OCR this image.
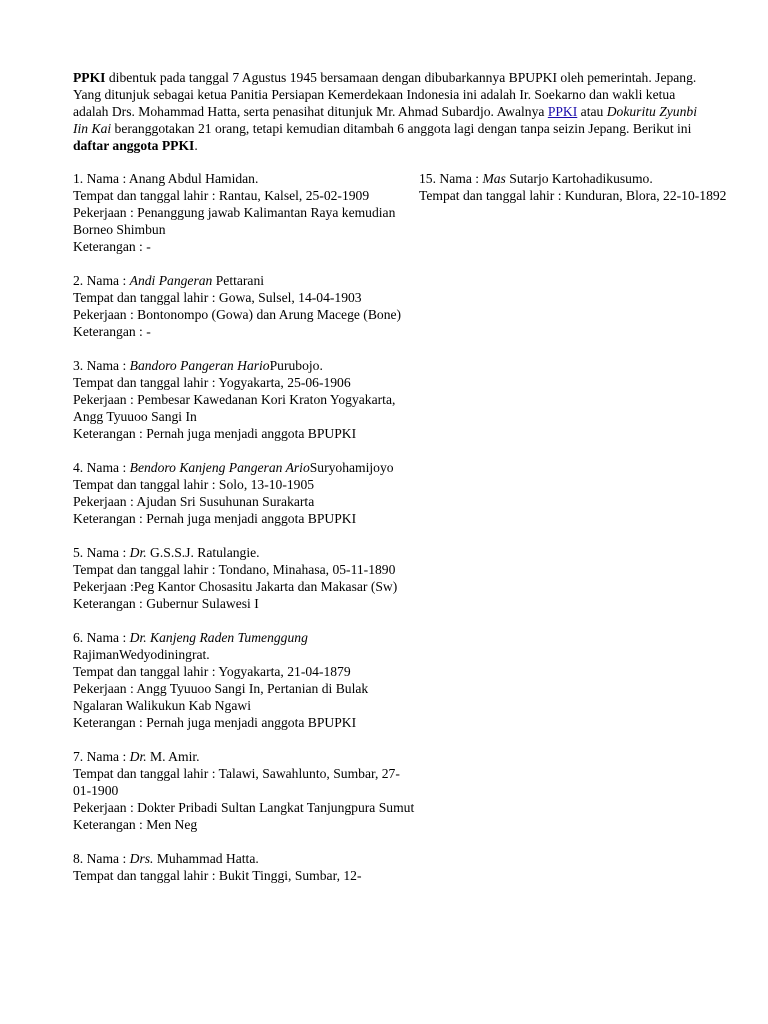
PPKI dibentuk pada tanggal 7 Agustus 1945 bersamaan dengan dibubarkannya BPUPKI oleh pemerintah. Jepang. Yang ditunjuk sebagai ketua Panitia Persiapan Kemerdekaan Indonesia ini adalah Ir. Soekarno dan wakli ketua adalah Drs. Mohammad Hatta, serta penasihat ditunjuk Mr. Ahmad Subardjo. Awalnya PPKI atau Dokuritu Zyunbi Iin Kai beranggotakan 21 orang, tetapi kemudian ditambah 6 anggota lagi dengan tanpa seizin Jepang. Berikut ini daftar anggota PPKI.

1. Nama : Anang Abdul Hamidan.
Tempat dan tanggal lahir : Rantau, Kalsel, 25-02-1909
Pekerjaan : Penanggung jawab Kalimantan Raya kemudian Borneo Shimbun
Keterangan : -
2. Nama : Andi Pangeran Pettarani
Tempat dan tanggal lahir : Gowa, Sulsel, 14-04-1903
Pekerjaan : Bontonompo (Gowa) dan Arung Macege (Bone)
Keterangan : -
3. Nama : Bandoro Pangeran HarioPurubojo.
Tempat dan tanggal lahir : Yogyakarta, 25-06-1906
Pekerjaan : Pembesar Kawedanan Kori Kraton Yogyakarta, Angg Tyuuoo Sangi In
Keterangan : Pernah juga menjadi anggota BPUPKI
4. Nama : Bendoro Kanjeng Pangeran ArioSuryohamijoyo
Tempat dan tanggal lahir : Solo, 13-10-1905
Pekerjaan : Ajudan Sri Susuhunan Surakarta
Keterangan : Pernah juga menjadi anggota BPUPKI
5. Nama : Dr. G.S.S.J. Ratulangie.
Tempat dan tanggal lahir : Tondano, Minahasa, 05-11-1890
Pekerjaan :Peg Kantor Chosasitu Jakarta dan Makasar (Sw)
Keterangan : Gubernur Sulawesi I
6. Nama : Dr. Kanjeng Raden Tumenggung RajimanWedyodiningrat.
Tempat dan tanggal lahir : Yogyakarta, 21-04-1879
Pekerjaan : Angg Tyuuoo Sangi In, Pertanian di Bulak Ngalaran Walikukun Kab Ngawi
Keterangan : Pernah juga menjadi anggota BPUPKI
7. Nama : Dr. M. Amir.
Tempat dan tanggal lahir : Talawi, Sawahlunto, Sumbar, 27-01-1900
Pekerjaan : Dokter Pribadi Sultan Langkat Tanjungpura Sumut
Keterangan : Men Neg
8. Nama : Drs. Muhammad Hatta.
Tempat dan tanggal lahir : Bukit Tinggi, Sumbar, 12-
15. Nama : Mas Sutarjo Kartohadikusumo.
Tempat dan tanggal lahir : Kunduran, Blora, 22-10-1892
